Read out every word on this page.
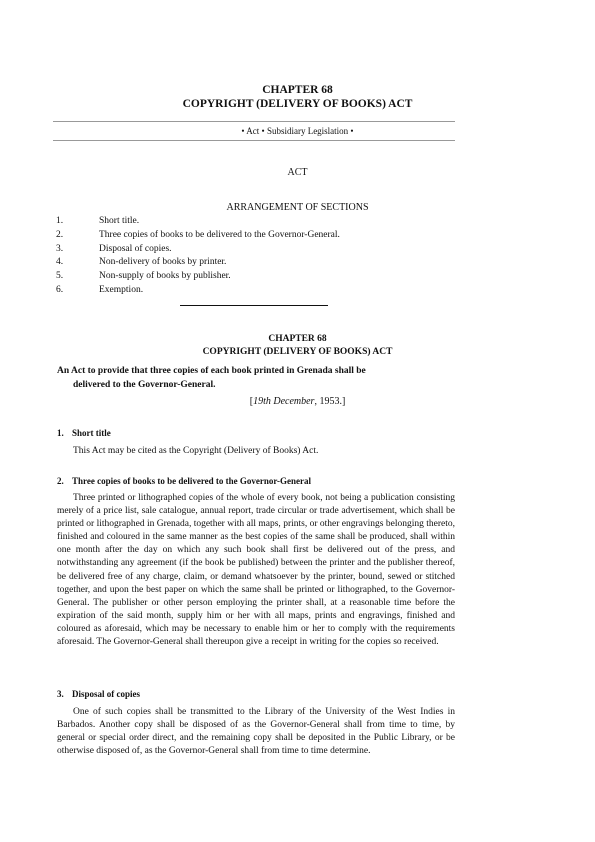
CHAPTER 68
COPYRIGHT (DELIVERY OF BOOKS) ACT
• Act • Subsidiary Legislation •
ACT
ARRANGEMENT OF SECTIONS
1.	Short title.
2.	Three copies of books to be delivered to the Governor-General.
3.	Disposal of copies.
4.	Non-delivery of books by printer.
5.	Non-supply of books by publisher.
6.	Exemption.
CHAPTER 68
COPYRIGHT (DELIVERY OF BOOKS) ACT
An Act to provide that three copies of each book printed in Grenada shall be
delivered to the Governor-General.
[19th December, 1953.]
1. Short title
This Act may be cited as the Copyright (Delivery of Books) Act.
2. Three copies of books to be delivered to the Governor-General
Three printed or lithographed copies of the whole of every book, not being a publication consisting merely of a price list, sale catalogue, annual report, trade circular or trade advertisement, which shall be printed or lithographed in Grenada, together with all maps, prints, or other engravings belonging thereto, finished and coloured in the same manner as the best copies of the same shall be produced, shall within one month after the day on which any such book shall first be delivered out of the press, and notwithstanding any agreement (if the book be published) between the printer and the publisher thereof, be delivered free of any charge, claim, or demand whatsoever by the printer, bound, sewed or stitched together, and upon the best paper on which the same shall be printed or lithographed, to the Governor-General. The publisher or other person employing the printer shall, at a reasonable time before the expiration of the said month, supply him or her with all maps, prints and engravings, finished and coloured as aforesaid, which may be necessary to enable him or her to comply with the requirements aforesaid. The Governor-General shall thereupon give a receipt in writing for the copies so received.
3. Disposal of copies
One of such copies shall be transmitted to the Library of the University of the West Indies in Barbados. Another copy shall be disposed of as the Governor-General shall from time to time, by general or special order direct, and the remaining copy shall be deposited in the Public Library, or be otherwise disposed of, as the Governor-General shall from time to time determine.
